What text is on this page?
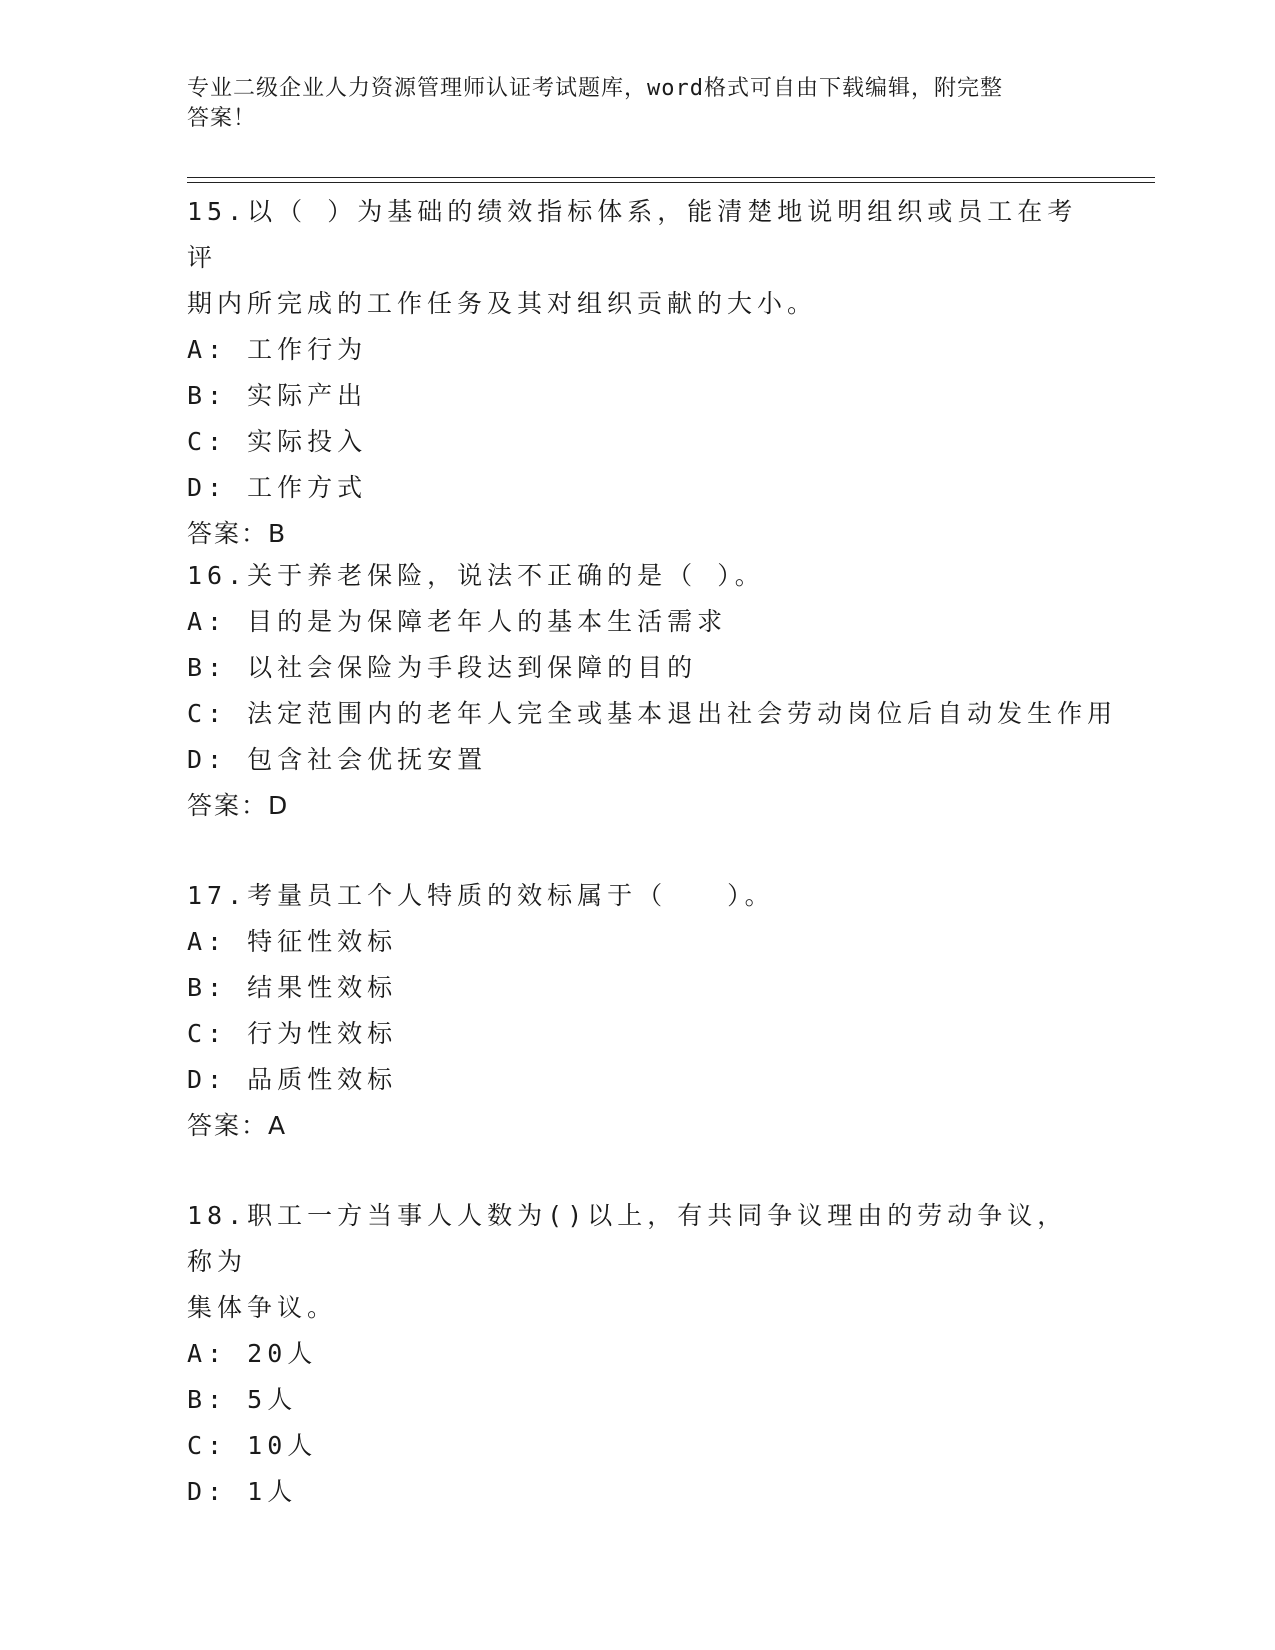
专业二级企业人力资源管理师认证考试题库，word格式可自由下载编辑，附完整
答案！
15.以（ ）为基础的绩效指标体系，能清楚地说明组织或员工在考评
期内所完成的工作任务及其对组织贡献的大小。
A: 工作行为
B: 实际产出
C: 实际投入
D: 工作方式
答案：B
16.关于养老保险，说法不正确的是（ ）。
A: 目的是为保障老年人的基本生活需求
B: 以社会保险为手段达到保障的目的
C: 法定范围内的老年人完全或基本退出社会劳动岗位后自动发生作用
D: 包含社会优抚安置
答案：D
17.考量员工个人特质的效标属于（　　）。
A: 特征性效标
B: 结果性效标
C: 行为性效标
D: 品质性效标
答案：A
18.职工一方当事人人数为()以上，有共同争议理由的劳动争议，称为
集体争议。
A: 20人
B: 5人
C: 10人
D: 1人
